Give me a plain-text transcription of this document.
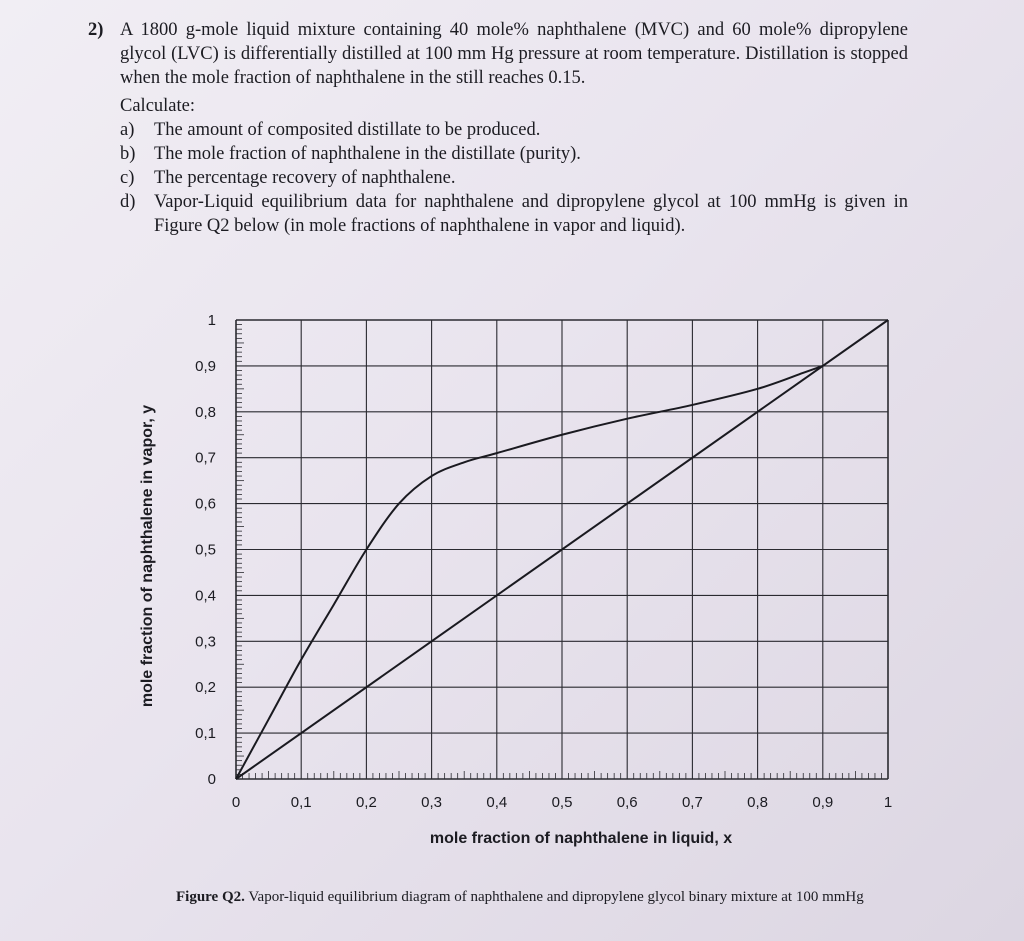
2) A 1800 g-mole liquid mixture containing 40 mole% naphthalene (MVC) and 60 mole% dipropylene glycol (LVC) is differentially distilled at 100 mm Hg pressure at room temperature. Distillation is stopped when the mole fraction of naphthalene in the still reaches 0.15.
Calculate:
a)	The amount of composited distillate to be produced.
b)	The mole fraction of naphthalene in the distillate (purity).
c)	The percentage recovery of naphthalene.
d)	Vapor-Liquid equilibrium data for naphthalene and dipropylene glycol at 100 mmHg is given in Figure Q2 below (in mole fractions of naphthalene in vapor and liquid).
0	0,1	0,2	0,3	0,4	0,5	0,6	0,7	0,8	0,9	1
0
0,1
0,2
0,3
0,4
0,5
0,6
0,7
0,8
0,9
1
mole fraction of naphthalene in liquid, x
mole fraction of naphthalene in vapor, y
Figure Q2. Vapor-liquid equilibrium diagram of naphthalene and dipropylene glycol binary mixture at 100 mmHg
